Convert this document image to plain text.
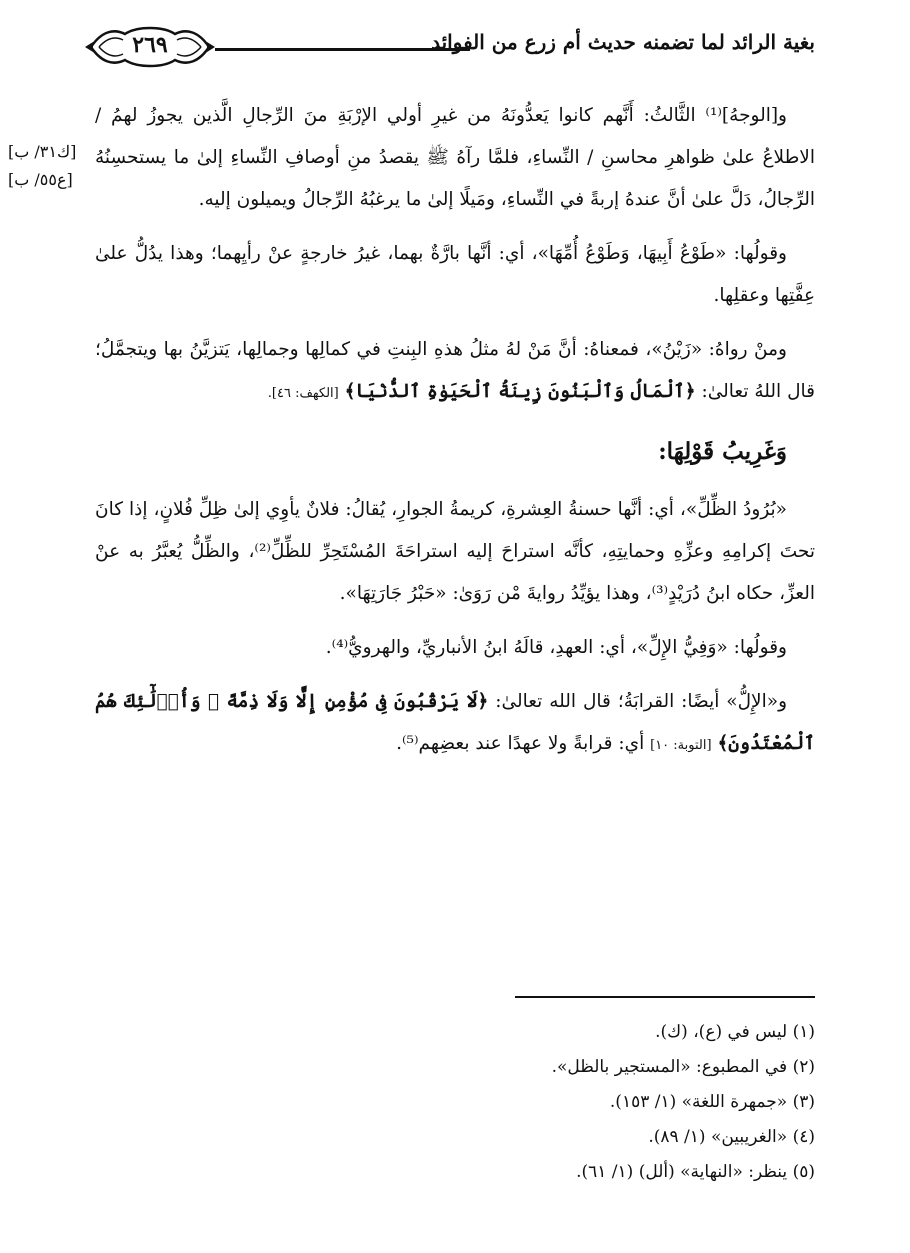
بغية الرائد لما تضمنه حديث أم زرع من الفوائد
٢٦٩
[ك٣١/ ب]
[ع٥٥/ ب]

و[الوجهُ]⁽¹⁾ الثَّالثُ: أَنَّهم كانوا يَعدُّونَهُ من غيرِ أولي الإرْبَةِ منَ الرِّجالِ الَّذين يجوزُ لهمُ / الاطلاعُ علىٰ ظواهرِ محاسنِ / النِّساءِ، فلمَّا رآهُ ﷺ يقصدُ منِ أوصافِ النِّساءِ إلىٰ ما يستحسِنُهُ الرِّجالُ، دَلَّ علىٰ أنَّ عندهُ إربةً في النِّساءِ، ومَيلًا إلىٰ ما يرغبُهُ الرِّجالُ ويميلون إليه.

وقولُها: «طَوْعُ أَبِيهَا، وَطَوْعُ أُمِّهَا»، أي: أنَّها بارَّةٌ بهما، غيرُ خارجةٍ عنْ رأيِهما؛ وهذا يدُلُّ علىٰ عِفَّتِها وعقلِها.

ومنْ رواهُ: «زَيْنُ»، فمعناهُ: أنَّ مَنْ لهُ مثلُ هذهِ البِنتِ في كمالِها وجمالِها، يَتزيَّنُ بها ويتجمَّلُ؛ قال اللهُ تعالىٰ: ﴿ٱلْمَالُ وَٱلْبَنُونَ زِينَةُ ٱلْحَيَوٰةِ ٱلدُّنْيَا﴾ [الكهف: ٤٦].

وَغَرِيبُ قَوْلِهَا:

«بُرُودُ الظِّلِّ»، أي: أنَّها حسنةُ العِشرةِ، كريمةُ الجوارِ، يُقالُ: فلانٌ يأوِي إلىٰ ظِلِّ فُلانٍ، إذا كانَ تحتَ إكرامِهِ وعزِّهِ وحمايتِهِ، كأنَّه استراحَ إليه استراحَةَ المُسْتَحِرِّ للظِّلِّ⁽²⁾، والظِّلُّ يُعبَّرُ به عنْ العزِّ، حكاه ابنُ دُرَيْدٍ⁽³⁾، وهذا يؤيِّدُ روايةَ مْن رَوَىٰ: «حَبْرُ جَارَتِهَا».

وقولُها: «وَفِيُّ الإِلِّ»، أي: العهدِ، قالَهُ ابنُ الأنباريِّ، والهرويُّ⁽⁴⁾.

و«الإِلُّ» أيضًا: القرابَةُ؛ قال الله تعالىٰ: ﴿لَا يَرْقُبُونَ فِى مُؤْمِنٍ إِلًّا وَلَا ذِمَّةً ۚ وَأُو۟لَٰٓئِكَ هُمُ ٱلْمُعْتَدُونَ﴾ [التوبة: ١٠] أي: قرابةً ولا عهدًا عند بعضِهم⁽⁵⁾.

(١) ليس في (ع)، (ك).
(٢) في المطبوع: «المستجير بالظل».
(٣) «جمهرة اللغة» (١/ ١٥٣).
(٤) «الغريبين» (١/ ٨٩).
(٥) ينظر: «النهاية» (ألل) (١/ ٦١).
